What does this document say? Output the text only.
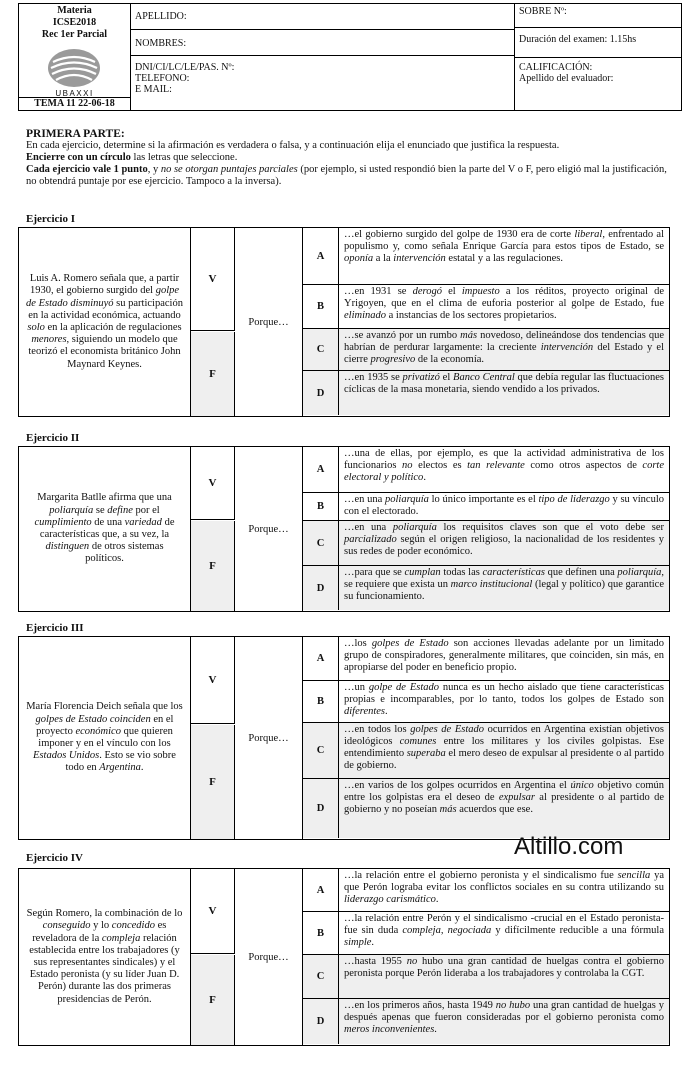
Materia
ICSE2018
Rec 1er Parcial
UBAXXI
TEMA 11 22-06-18
APELLIDO:
NOMBRES:
DNI/CI/LC/LE/PAS. Nº:
TELEFONO:
E MAIL:
SOBRE Nº:
Duración del examen: 1.15hs
CALIFICACIÓN:
Apellido del evaluador:
PRIMERA PARTE:

En cada ejercicio, determine si la afirmación es verdadera o falsa, y a continuación elija el enunciado que justifica la respuesta.

Encierre con un círculo las letras que seleccione.

Cada ejercicio vale 1 punto, y no se otorgan puntajes parciales (por ejemplo, si usted respondió bien la parte del V o F, pero eligió mal la justificación, no obtendrá puntaje por ese ejercicio. Tampoco a la inversa).

Ejercicio I
Luis A. Romero señala que, a partir 1930, el gobierno surgido del golpe de Estado disminuyó su participación en la actividad económica, actuando solo en la aplicación de regulaciones menores, siguiendo un modelo que teorizó el economista británico John Maynard Keynes.
V
F
Porque…
A
…el gobierno surgido del golpe de 1930 era de corte liberal, enfrentado al populismo y, como señala Enrique García para estos tipos de Estado, se oponía a la intervención estatal y a las regulaciones.
B
…en 1931 se derogó el impuesto a los réditos, proyecto original de Yrigoyen, que en el clima de euforia posterior al golpe de Estado, fue eliminado a instancias de los sectores propietarios.
C
…se avanzó por un rumbo más novedoso, delineándose dos tendencias que habrían de perdurar largamente: la creciente intervención del Estado y el cierre progresivo de la economía.
D
…en 1935 se privatizó el Banco Central que debía regular las fluctuaciones cíclicas de la masa monetaria, siendo vendido a los privados.
Ejercicio II
Margarita Batlle afirma que una poliarquía se define por el cumplimiento de una variedad de características que, a su vez, la distinguen de otros sistemas políticos.
V
F
Porque…
A
…una de ellas, por ejemplo, es que la actividad administrativa de los funcionarios no electos es tan relevante como otros aspectos de corte electoral y político.
B
…en una poliarquía lo único importante es el tipo de liderazgo y su vínculo con el electorado.
C
…en una poliarquía los requisitos claves son que el voto debe ser parcializado según el origen religioso, la nacionalidad de los residentes y sus redes de poder económico.
D
…para que se cumplan todas las características que definen una poliarquía, se requiere que exista un marco institucional (legal y político) que garantice su funcionamiento.
Ejercicio III
María Florencia Deich señala que los golpes de Estado coinciden en el proyecto económico que quieren imponer y en el vínculo con los Estados Unidos. Esto se vio sobre todo en Argentina.
V
F
Porque…
A
…los golpes de Estado son acciones llevadas adelante por un limitado grupo de conspiradores, generalmente militares, que coinciden, sin más, en apropiarse del poder en beneficio propio.
B
…un golpe de Estado nunca es un hecho aislado que tiene características propias e incomparables, por lo tanto, todos los golpes de Estado son diferentes.
C
…en todos los golpes de Estado ocurridos en Argentina existían objetivos ideológicos comunes entre los militares y los civiles golpistas. Ese entendimiento superaba el mero deseo de expulsar al presidente o al partido de gobierno.
D
…en varios de los golpes ocurridos en Argentina el único objetivo común entre los golpistas era el deseo de expulsar al presidente o al partido de gobierno y no poseían más acuerdos que ese.
Ejercicio IV
Según Romero, la combinación de lo conseguido y lo concedido es reveladora de la compleja relación establecida entre los trabajadores (y sus representantes sindicales) y el Estado peronista (y su líder Juan D. Perón) durante las dos primeras presidencias de Perón.
V
F
Porque…
A
…la relación entre el gobierno peronista y el sindicalismo fue sencilla ya que Perón lograba evitar los conflictos sociales en su contra utilizando su liderazgo carismático.
B
…la relación entre Perón y el sindicalismo -crucial en el Estado peronista- fue sin duda compleja, negociada y difícilmente reducible a una fórmula simple.
C
…hasta 1955 no hubo una gran cantidad de huelgas contra el gobierno peronista porque Perón lideraba a los trabajadores y controlaba la CGT.
D
…en los primeros años, hasta 1949 no hubo una gran cantidad de huelgas y después apenas que fueron consideradas por el gobierno peronista como meros inconvenientes.
Altillo.com
